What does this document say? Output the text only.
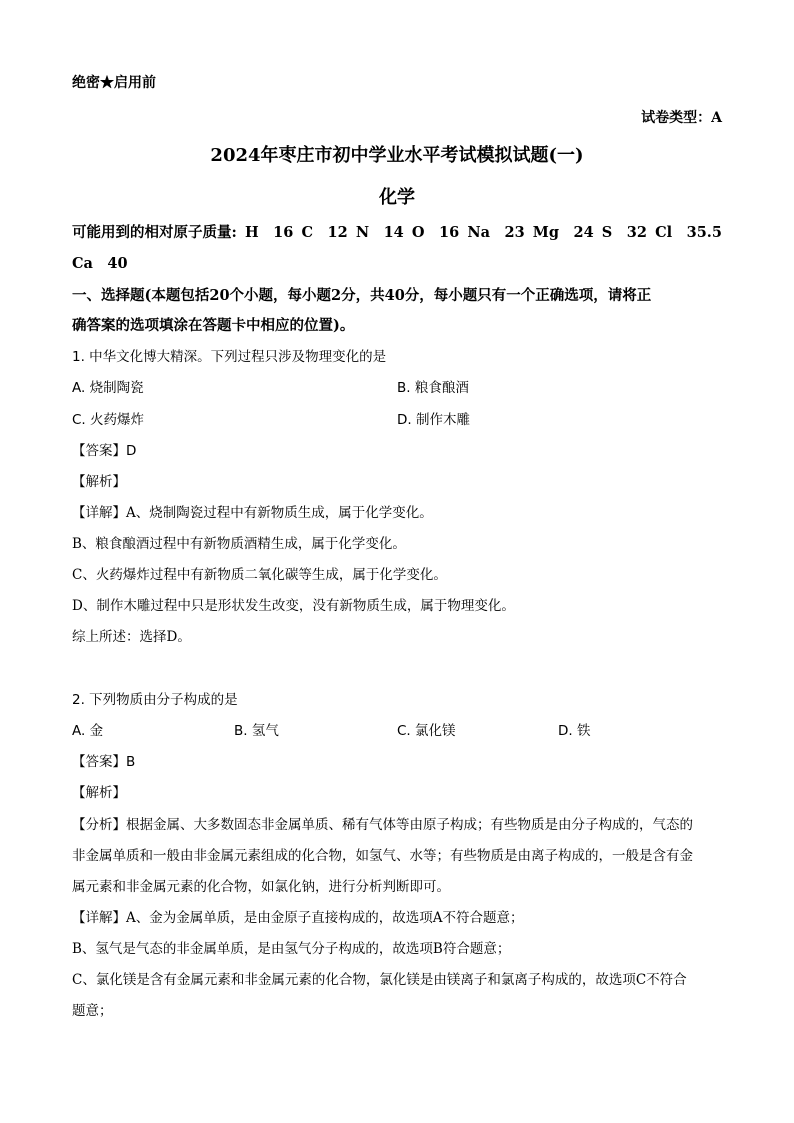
绝密★启用前
试卷类型：A
2024年枣庄市初中学业水平考试模拟试题(一)
化学
可能用到的相对原子质量: H　16 C　12 N　14 O　16 Na　23 Mg　24 S　32 Cl　35.5
Ca　40
一、选择题(本题包括20个小题，每小题2分，共40分，每小题只有一个正确选项，请将正
确答案的选项填涂在答题卡中相应的位置)。
1. 中华文化博大精深。下列过程只涉及物理变化的是
A. 烧制陶瓷	B. 粮食酿酒
C. 火药爆炸	D. 制作木雕
【答案】D
【解析】
【详解】A、烧制陶瓷过程中有新物质生成，属于化学变化。
B、粮食酿酒过程中有新物质酒精生成，属于化学变化。
C、火药爆炸过程中有新物质二氧化碳等生成，属于化学变化。
D、制作木雕过程中只是形状发生改变，没有新物质生成，属于物理变化。
综上所述：选择D。
2. 下列物质由分子构成的是
A. 金	B. 氢气	C. 氯化镁	D. 铁
【答案】B
【解析】
【分析】根据金属、大多数固态非金属单质、稀有气体等由原子构成；有些物质是由分子构成的，气态的
非金属单质和一般由非金属元素组成的化合物，如氢气、水等；有些物质是由离子构成的，一般是含有金
属元素和非金属元素的化合物，如氯化钠，进行分析判断即可。
【详解】A、金为金属单质，是由金原子直接构成的，故选项A不符合题意；
B、氢气是气态的非金属单质，是由氢气分子构成的，故选项B符合题意；
C、氯化镁是含有金属元素和非金属元素的化合物，氯化镁是由镁离子和氯离子构成的，故选项C不符合
题意；
